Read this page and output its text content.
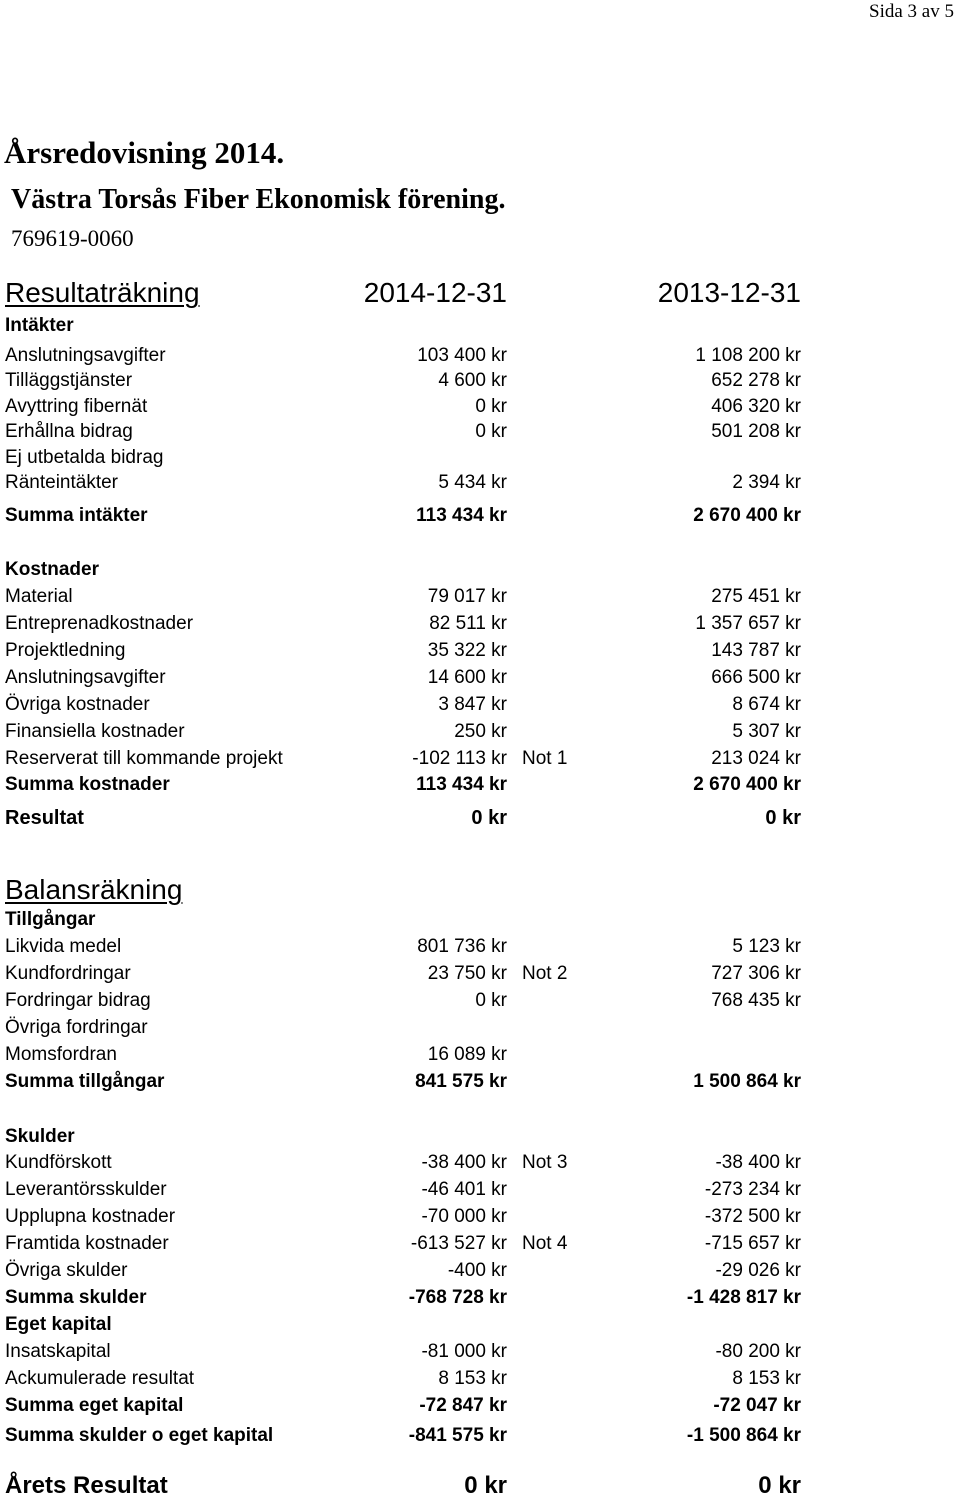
Sida 3 av 5
Årsredovisning 2014.
Västra Torsås Fiber Ekonomisk förening.
769619-0060
Resultaträkning	2014-12-31	2013-12-31
Intäkter
Anslutningsavgifter	103 400 kr	1 108 200 kr
Tilläggstjänster	4 600 kr	652 278 kr
Avyttring fibernät	0 kr	406 320 kr
Erhållna bidrag	0 kr	501 208 kr
Ej utbetalda bidrag
Ränteintäkter	5 434 kr	2 394 kr
Summa intäkter	113 434 kr	2 670 400 kr
Kostnader
Material	79 017 kr	275 451 kr
Entreprenadkostnader	82 511 kr	1 357 657 kr
Projektledning	35 322 kr	143 787 kr
Anslutningsavgifter	14 600 kr	666 500 kr
Övriga kostnader	3 847 kr	8 674 kr
Finansiella kostnader	250 kr	5 307 kr
Reserverat till kommande projekt	-102 113 kr Not 1	213 024 kr
Summa kostnader	113 434 kr	2 670 400 kr
Resultat	0 kr	0 kr
Balansräkning
Tillgångar
Likvida medel	801 736 kr	5 123 kr
Kundfordringar	23 750 kr Not 2	727 306 kr
Fordringar bidrag	0 kr	768 435 kr
Övriga fordringar
Momsfordran	16 089 kr
Summa tillgångar	841 575 kr	1 500 864 kr
Skulder
Kundförskott	-38 400 kr Not 3	-38 400 kr
Leverantörsskulder	-46 401 kr	-273 234 kr
Upplupna kostnader	-70 000 kr	-372 500 kr
Framtida kostnader	-613 527 kr Not 4	-715 657 kr
Övriga skulder	-400 kr	-29 026 kr
Summa skulder	-768 728 kr	-1 428 817 kr
Eget kapital
Insatskapital	-81 000 kr	-80 200 kr
Ackumulerade resultat	8 153 kr	8 153 kr
Summa eget kapital	-72 847 kr	-72 047 kr
Summa skulder o eget kapital	-841 575 kr	-1 500 864 kr
Årets Resultat	0 kr	0 kr
